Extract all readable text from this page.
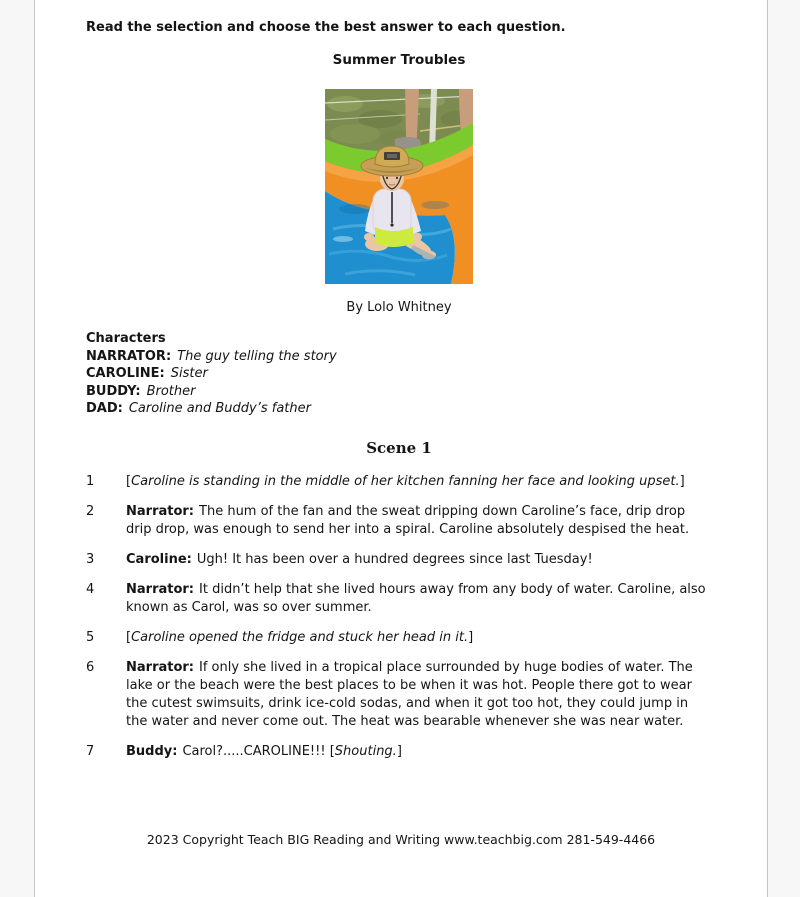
Read the selection and choose the best answer to each question.

Summer Troubles

By Lolo Whitney

Characters

NARRATOR: The guy telling the story
CAROLINE: Sister
BUDDY: Brother
DAD: Caroline and Buddy’s father
Scene 1
1	[Caroline is standing in the middle of her kitchen fanning her face and looking upset.]
2	Narrator: The hum of the fan and the sweat dripping down Caroline’s face, drip drop drip drop, was enough to send her into a spiral. Caroline absolutely despised the heat.
3	Caroline: Ugh! It has been over a hundred degrees since last Tuesday!
4	Narrator: It didn’t help that she lived hours away from any body of water. Caroline, also known as Carol, was so over summer.
5	[Caroline opened the fridge and stuck her head in it.]
6	Narrator: If only she lived in a tropical place surrounded by huge bodies of water. The lake or the beach were the best places to be when it was hot. People there got to wear the cutest swimsuits, drink ice-cold sodas, and when it got too hot, they could jump in the water and never come out. The heat was bearable whenever she was near water.
7	Buddy: Carol?.....CAROLINE!!! [Shouting.]

2023 Copyright Teach BIG Reading and Writing www.teachbig.com 281-549-4466
